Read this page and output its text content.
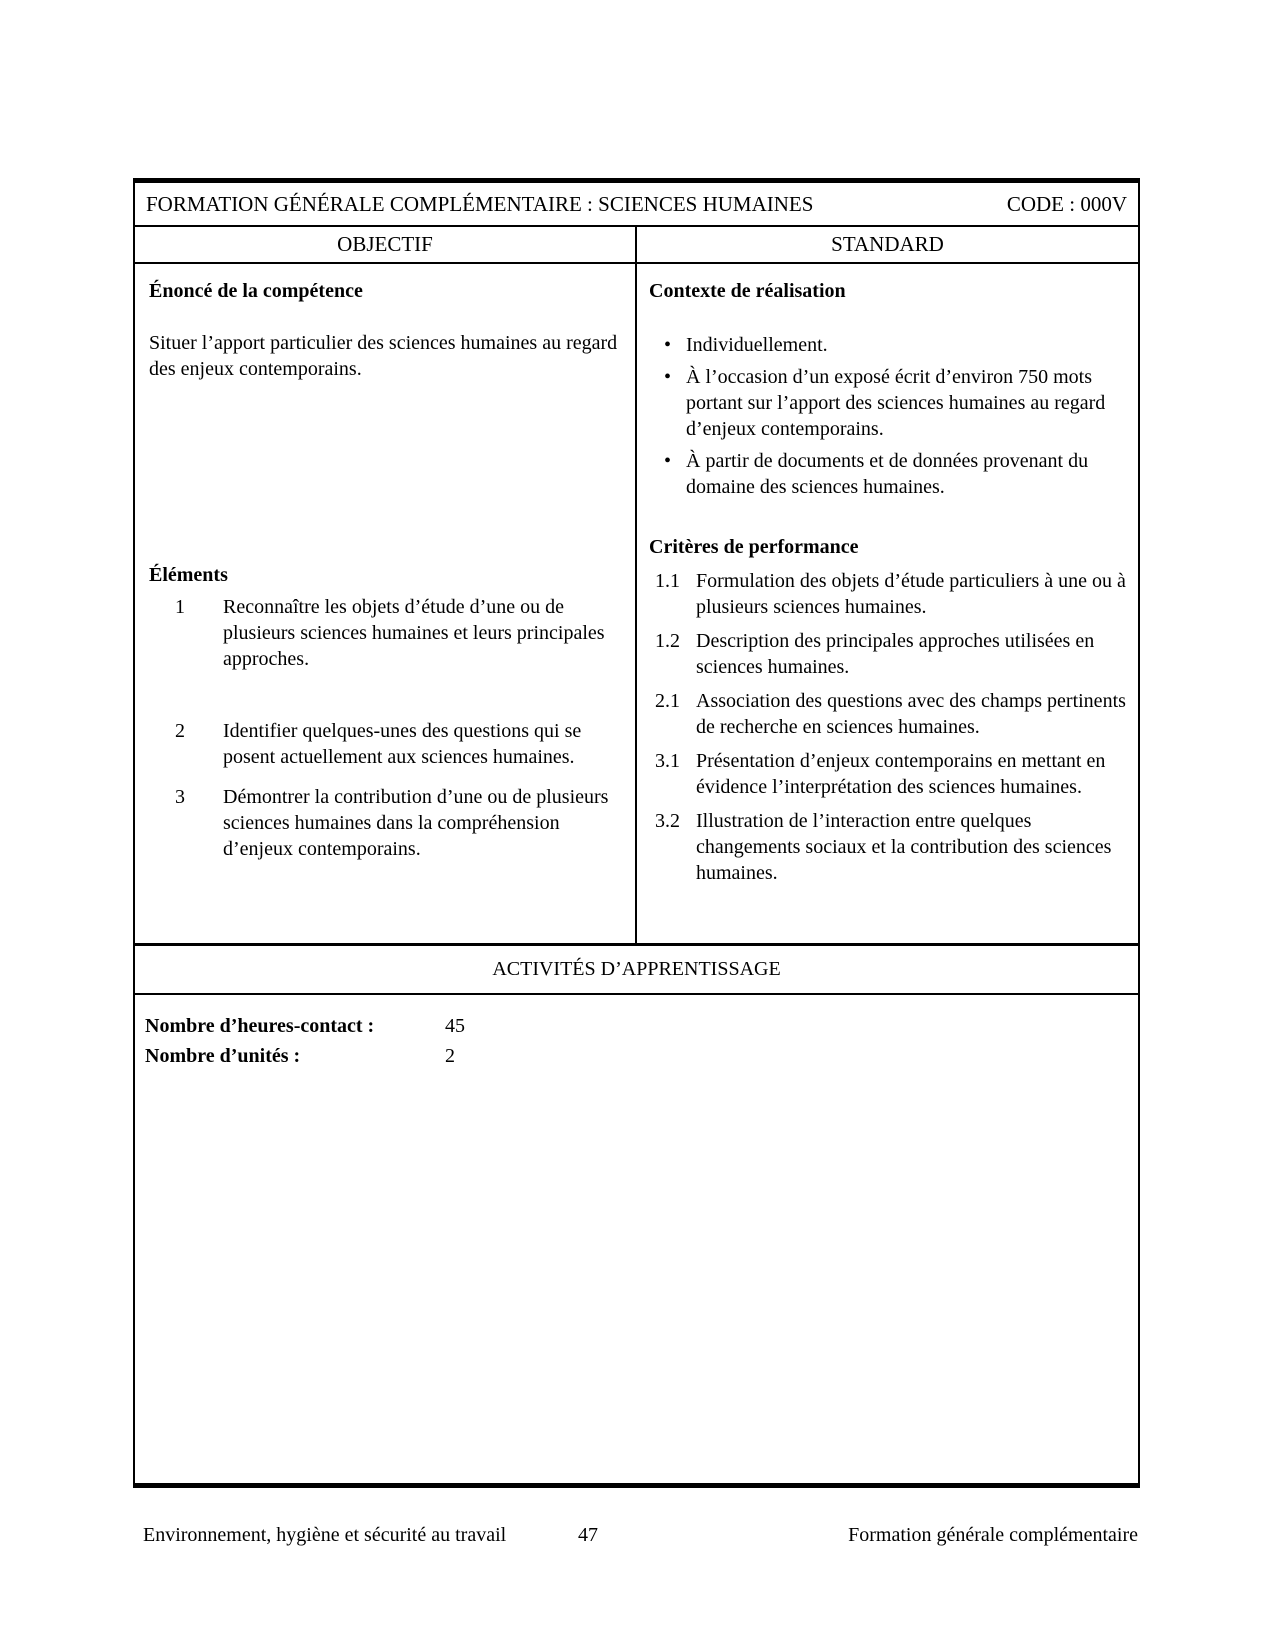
FORMATION GÉNÉRALE COMPLÉMENTAIRE : SCIENCES HUMAINES	CODE : 000V
OBJECTIF	STANDARD

Énoncé de la compétence

Situer l’apport particulier des sciences humaines au regard des enjeux contemporains.

Éléments

1	Reconnaître les objets d’étude d’une ou de plusieurs sciences humaines et leurs principales approches.
2	Identifier quelques-unes des questions qui se posent actuellement aux sciences humaines.
3	Démontrer la contribution d’une ou de plusieurs sciences humaines dans la compréhension d’enjeux contemporains.

Contexte de réalisation

• Individuellement.
• À l’occasion d’un exposé écrit d’environ 750 mots portant sur l’apport des sciences humaines au regard d’enjeux contemporains.
• À partir de documents et de données provenant du domaine des sciences humaines.

Critères de performance

1.1 Formulation des objets d’étude particuliers à une ou à plusieurs sciences humaines.
1.2 Description des principales approches utilisées en sciences humaines.
2.1 Association des questions avec des champs pertinents de recherche en sciences humaines.
3.1 Présentation d’enjeux contemporains en mettant en évidence l’interprétation des sciences humaines.
3.2 Illustration de l’interaction entre quelques changements sociaux et la contribution des sciences humaines.
ACTIVITÉS D’APPRENTISSAGE
Nombre d’heures-contact :	45
Nombre d’unités :	2
Environnement, hygiène et sécurité au travail	47	Formation générale complémentaire
